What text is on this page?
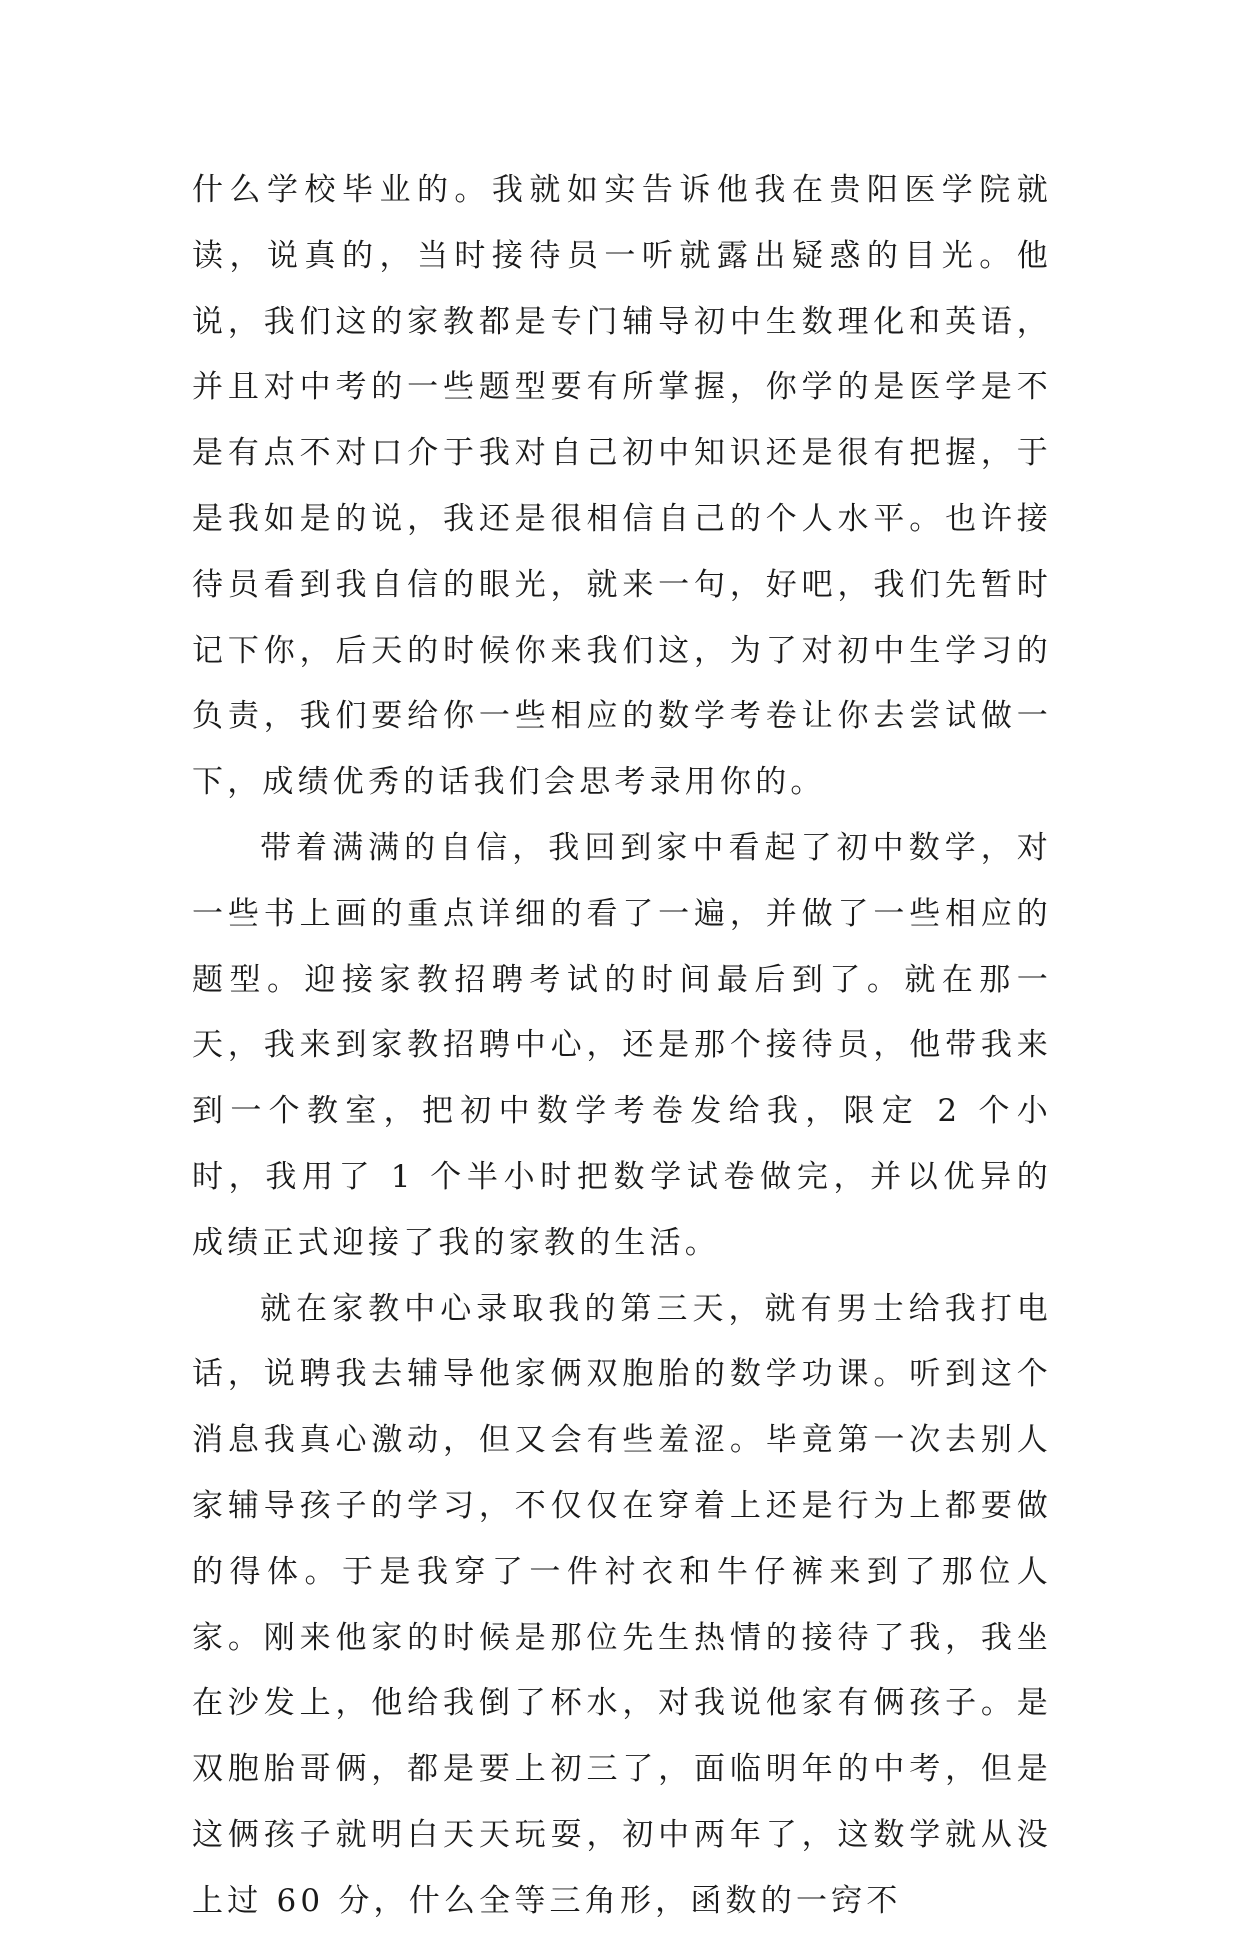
什么学校毕业的。我就如实告诉他我在贵阳医学院就读，说真的，当时接待员一听就露出疑惑的目光。他说，我们这的家教都是专门辅导初中生数理化和英语，并且对中考的一些题型要有所掌握，你学的是医学是不是有点不对口介于我对自己初中知识还是很有把握，于是我如是的说，我还是很相信自己的个人水平。也许接待员看到我自信的眼光，就来一句，好吧，我们先暂时记下你，后天的时候你来我们这，为了对初中生学习的负责，我们要给你一些相应的数学考卷让你去尝试做一下，成绩优秀的话我们会思考录用你的。

带着满满的自信，我回到家中看起了初中数学，对一些书上画的重点详细的看了一遍，并做了一些相应的题型。迎接家教招聘考试的时间最后到了。就在那一天，我来到家教招聘中心，还是那个接待员，他带我来到一个教室，把初中数学考卷发给我，限定 2 个小时，我用了 1 个半小时把数学试卷做完，并以优异的成绩正式迎接了我的家教的生活。

就在家教中心录取我的第三天，就有男士给我打电话，说聘我去辅导他家俩双胞胎的数学功课。听到这个消息我真心激动，但又会有些羞涩。毕竟第一次去别人家辅导孩子的学习，不仅仅在穿着上还是行为上都要做的得体。于是我穿了一件衬衣和牛仔裤来到了那位人家。刚来他家的时候是那位先生热情的接待了我，我坐在沙发上，他给我倒了杯水，对我说他家有俩孩子。是双胞胎哥俩，都是要上初三了，面临明年的中考，但是这俩孩子就明白天天玩耍，初中两年了，这数学就从没上过 60 分，什么全等三角形，函数的一窍不
